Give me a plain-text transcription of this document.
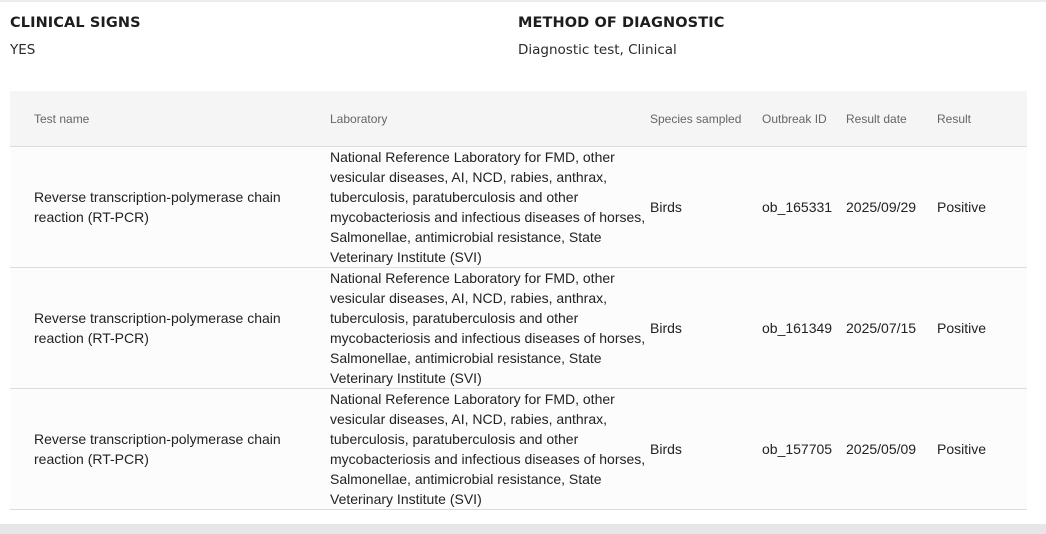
CLINICAL SIGNS
YES
METHOD OF DIAGNOSTIC
Diagnostic test, Clinical
Test name	Laboratory	Species sampled	Outbreak ID	Result date	Result

Reverse transcription-polymerase chain reaction (RT-PCR)	National Reference Laboratory for FMD, other vesicular diseases, AI, NCD, rabies, anthrax, tuberculosis, paratuberculosis and other mycobacteriosis and infectious diseases of horses, Salmonellae, antimicrobial resistance, State Veterinary Institute (SVI)	Birds	ob_165331	2025/09/29	Positive

Reverse transcription-polymerase chain reaction (RT-PCR)	National Reference Laboratory for FMD, other vesicular diseases, AI, NCD, rabies, anthrax, tuberculosis, paratuberculosis and other mycobacteriosis and infectious diseases of horses, Salmonellae, antimicrobial resistance, State Veterinary Institute (SVI)	Birds	ob_161349	2025/07/15	Positive

Reverse transcription-polymerase chain reaction (RT-PCR)	National Reference Laboratory for FMD, other vesicular diseases, AI, NCD, rabies, anthrax, tuberculosis, paratuberculosis and other mycobacteriosis and infectious diseases of horses, Salmonellae, antimicrobial resistance, State Veterinary Institute (SVI)	Birds	ob_157705	2025/05/09	Positive
